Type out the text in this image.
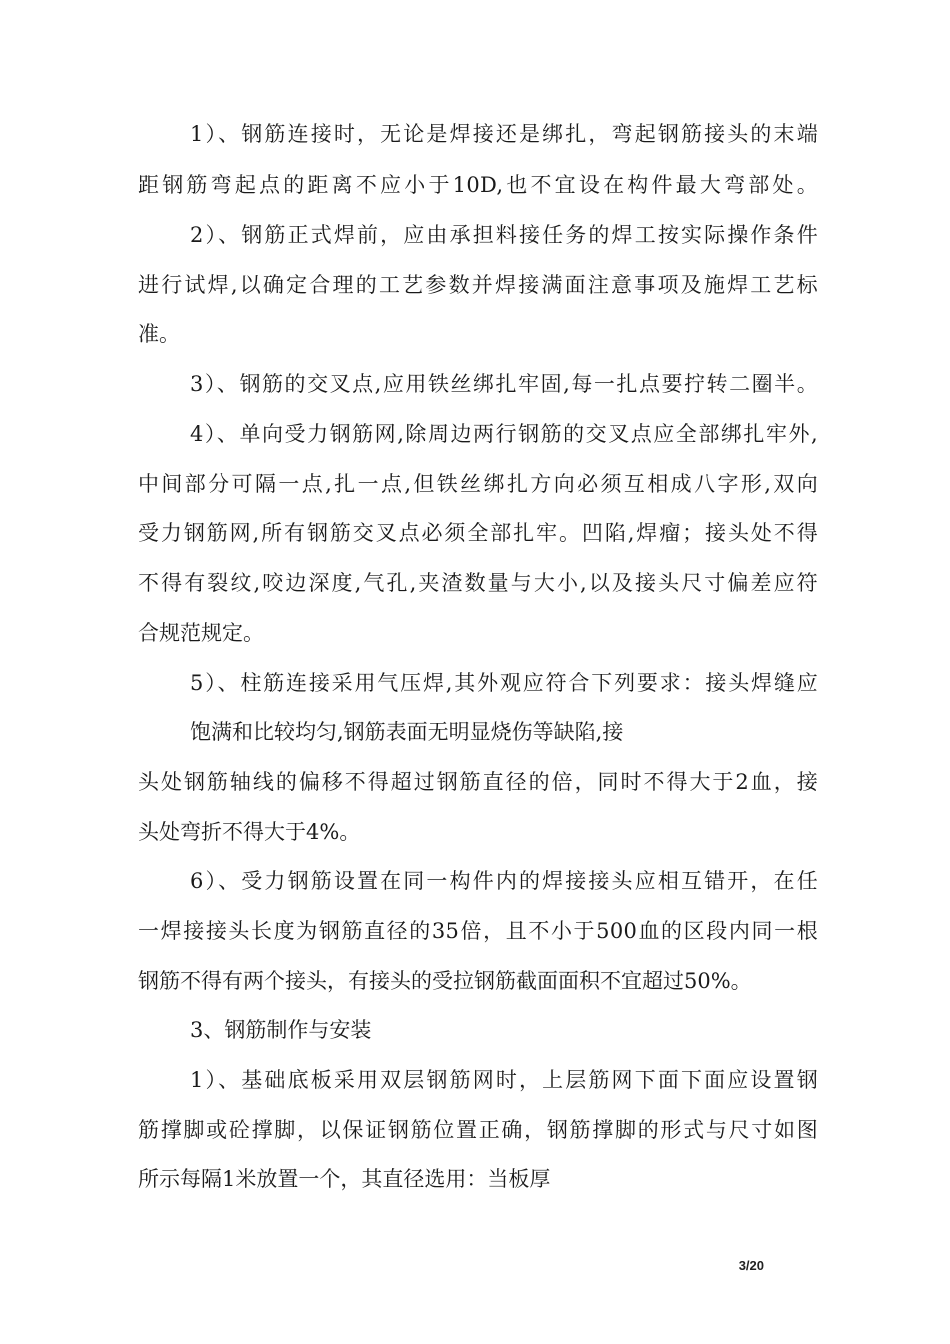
1）、钢筋连接时，无论是焊接还是绑扎，弯起钢筋接头的末端

距钢筋弯起点的距离不应小于10D,也不宜设在构件最大弯部处。

2）、钢筋正式焊前，应由承担料接任务的焊工按实际操作条件

进行试焊,以确定合理的工艺参数并焊接满面注意事项及施焊工艺标

准。

3）、钢筋的交叉点,应用铁丝绑扎牢固,每一扎点要拧转二圈半。

4）、单向受力钢筋网,除周边两行钢筋的交叉点应全部绑扎牢外,

中间部分可隔一点,扎一点,但铁丝绑扎方向必须互相成八字形,双向

受力钢筋网,所有钢筋交叉点必须全部扎牢。凹陷,焊瘤；接头处不得

不得有裂纹,咬边深度,气孔,夹渣数量与大小,以及接头尺寸偏差应符

合规范规定。

5）、柱筋连接采用气压焊,其外观应符合下列要求：接头焊缝应

饱满和比较均匀,钢筋表面无明显烧伤等缺陷,接

头处钢筋轴线的偏移不得超过钢筋直径的倍，同时不得大于2血，接

头处弯折不得大于4%。

6）、受力钢筋设置在同一构件内的焊接接头应相互错开，在任

一焊接接头长度为钢筋直径的35倍，且不小于500血的区段内同一根

钢筋不得有两个接头，有接头的受拉钢筋截面面积不宜超过50%。

3、钢筋制作与安装

1）、基础底板采用双层钢筋网时，上层筋网下面下面应设置钢

筋撑脚或砼撑脚，以保证钢筋位置正确，钢筋撑脚的形式与尺寸如图

所示每隔1米放置一个，其直径选用：当板厚

3/20
